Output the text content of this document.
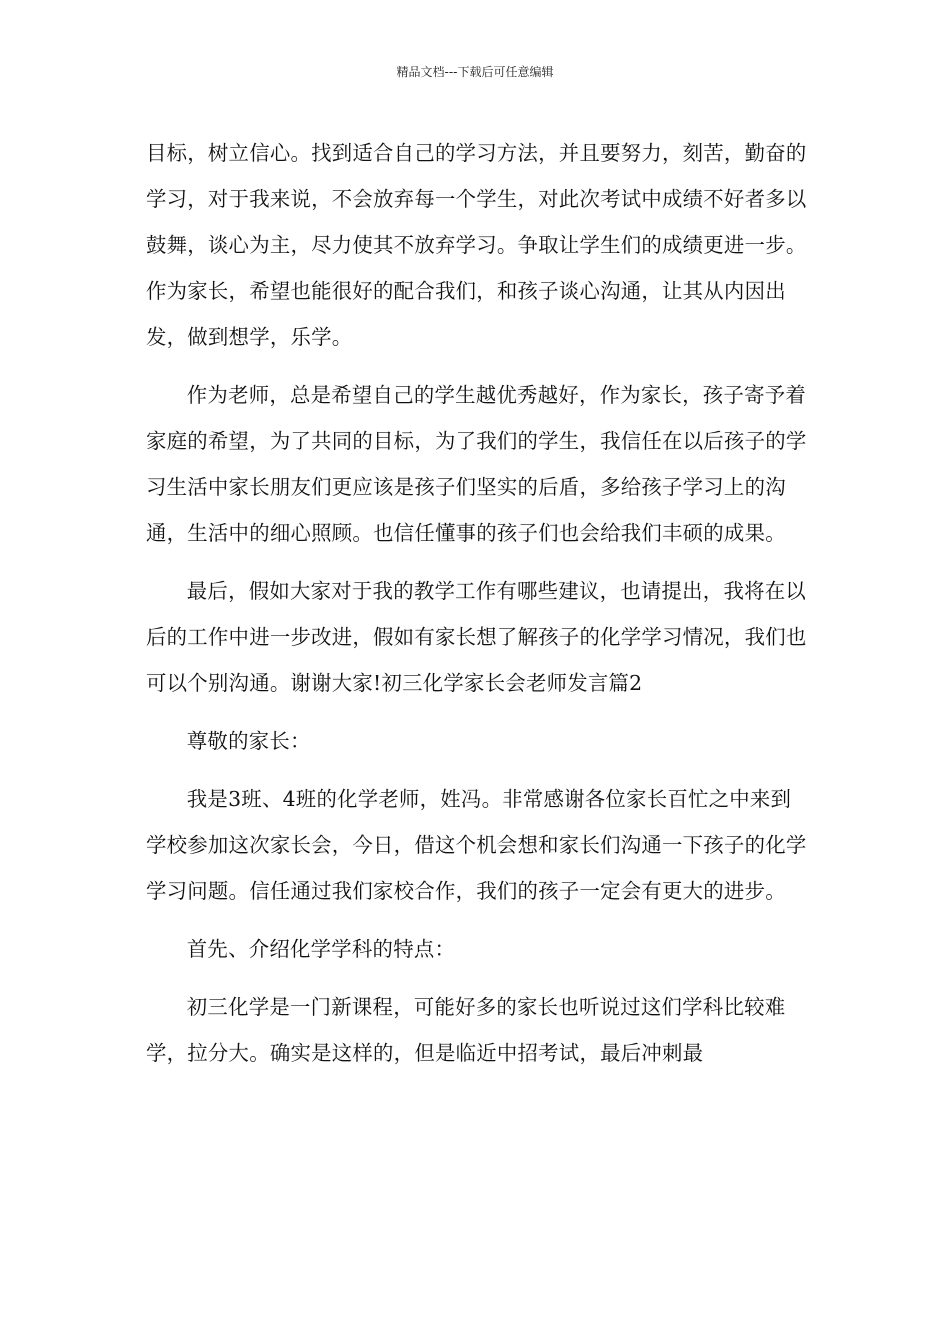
精品文档---下载后可任意编辑

目标，树立信心。找到适合自己的学习方法，并且要努力，刻苦，勤奋的学习，对于我来说，不会放弃每一个学生，对此次考试中成绩不好者多以鼓舞，谈心为主，尽力使其不放弃学习。争取让学生们的成绩更进一步。作为家长，希望也能很好的配合我们，和孩子谈心沟通，让其从内因出发，做到想学，乐学。

作为老师，总是希望自己的学生越优秀越好，作为家长，孩子寄予着家庭的希望，为了共同的目标，为了我们的学生，我信任在以后孩子的学习生活中家长朋友们更应该是孩子们坚实的后盾，多给孩子学习上的沟通，生活中的细心照顾。也信任懂事的孩子们也会给我们丰硕的成果。

最后，假如大家对于我的教学工作有哪些建议，也请提出，我将在以后的工作中进一步改进，假如有家长想了解孩子的化学学习情况，我们也可以个别沟通。谢谢大家!初三化学家长会老师发言篇2

尊敬的家长：

我是3班、4班的化学老师，姓冯。非常感谢各位家长百忙之中来到学校参加这次家长会，今日，借这个机会想和家长们沟通一下孩子的化学学习问题。信任通过我们家校合作，我们的孩子一定会有更大的进步。

首先、介绍化学学科的特点：

初三化学是一门新课程，可能好多的家长也听说过这们学科比较难学，拉分大。确实是这样的，但是临近中招考试，最后冲刺最
